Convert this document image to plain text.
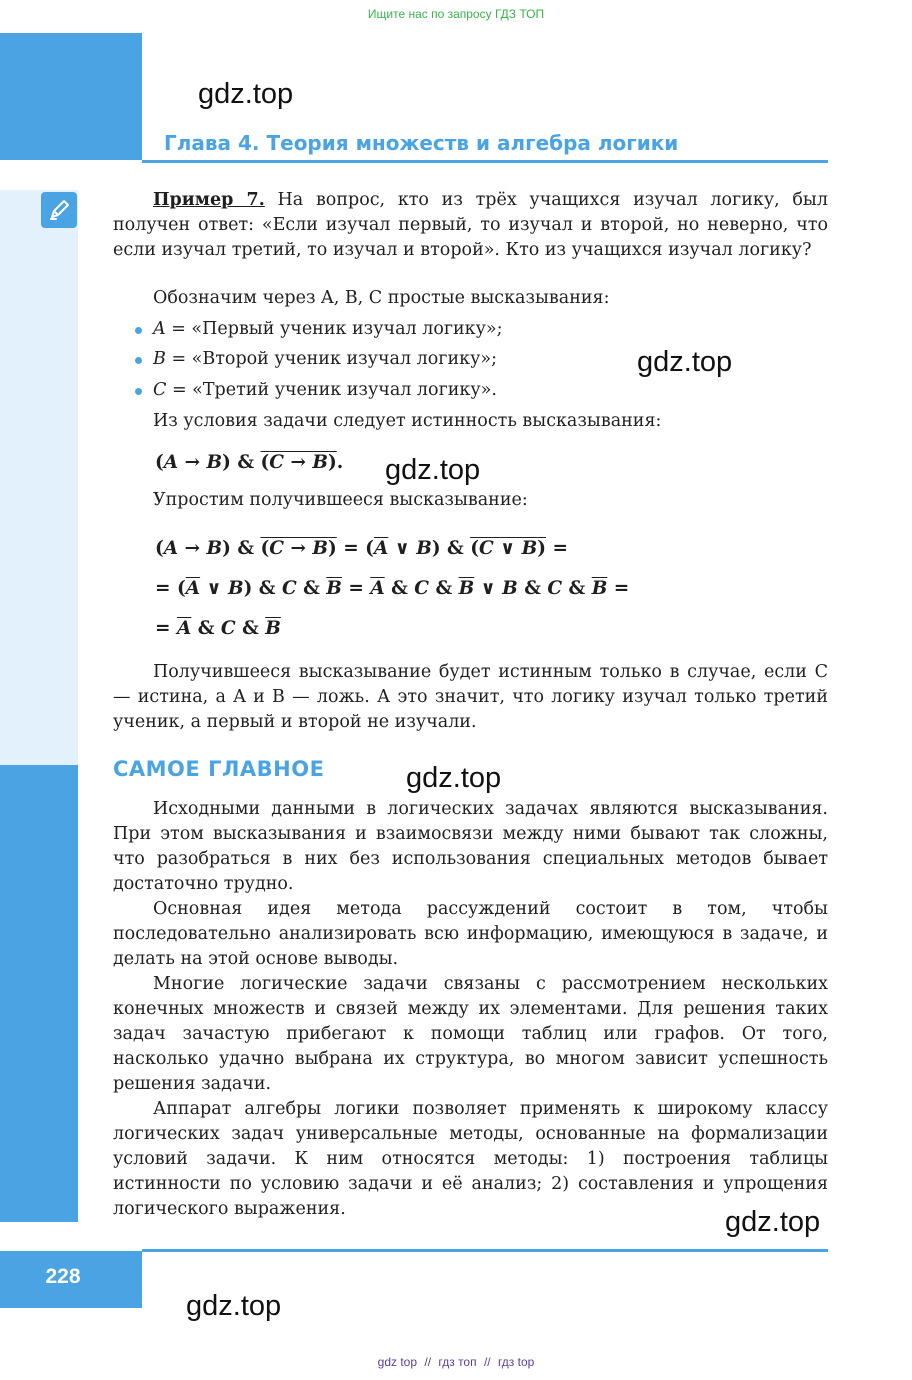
Ищите нас по запросу ГДЗ ТОП
228
gdz.top
Глава 4. Теория множеств и алгебра логики
Пример 7. На вопрос, кто из трёх учащихся изучал логику, был получен ответ: «Если изучал первый, то изучал и второй, но неверно, что если изучал третий, то изучал и второй». Кто из учащихся изучал логику?
Обозначим через A, B, C простые высказывания:
A = «Первый ученик изучал логику»;
B = «Второй ученик изучал логику»;
C = «Третий ученик изучал логику».
gdz.top
Из условия задачи следует истинность высказывания:
(A → B) & (C → B). gdz.top
Упростим получившееся высказывание:
(A → B) & $(C \to B) = (\overline{A}$ ∨ B) & (C ∨ B) =
= ($\overline{A}$ ∨ B) & C & $\overline{B} = \overline{A}$ & C & $\overline{B}$ ∨ B & C & $\overline{B}$ =
= $\overline{A}$ & C & $\overline{B}$
Получившееся высказывание будет истинным только в случае, если C — истина, а A и B — ложь. А это значит, что логику изучал только третий ученик, а первый и второй не изучали.
САМОЕ ГЛАВНОЕ	gdz.top
Исходными данными в логических задачах являются высказывания. При этом высказывания и взаимосвязи между ними бывают так сложны, что разобраться в них без использования специальных методов бывает достаточно трудно.
Основная идея метода рассуждений состоит в том, чтобы последовательно анализировать всю информацию, имеющуюся в задаче, и делать на этой основе выводы.
Многие логические задачи связаны с рассмотрением нескольких конечных множеств и связей между их элементами. Для решения таких задач зачастую прибегают к помощи таблиц или графов. От того, насколько удачно выбрана их структура, во многом зависит успешность решения задачи.
Аппарат алгебры логики позволяет применять к широкому классу логических задач универсальные методы, основанные на формализации условий задачи. К ним относятся методы: 1) построения таблицы истинности по условию задачи и её анализ; 2) составления и упрощения логического выражения.	gdz.top
gdz.top
gdz top // гдз топ // гдз top
